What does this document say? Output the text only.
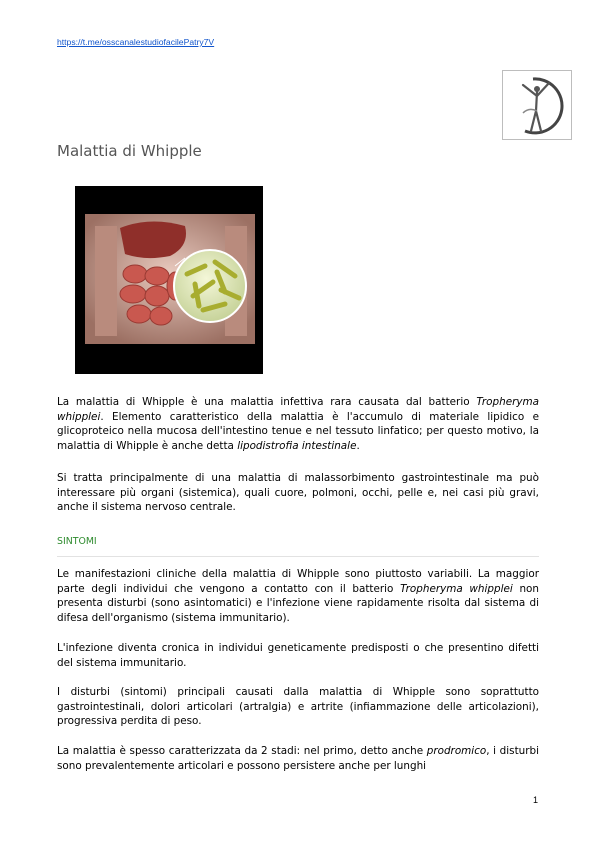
https://t.me/osscanalestudiofacilePatry7V
Malattia di Whipple

La malattia di Whipple è una malattia infettiva rara causata dal batterio Tropheryma whipplei. Elemento caratteristico della malattia è l'accumulo di materiale lipidico e glicoproteico nella mucosa dell'intestino tenue e nel tessuto linfatico; per questo motivo, la malattia di Whipple è anche detta lipodistrofia intestinale.

Si tratta principalmente di una malattia di malassorbimento gastrointestinale ma può interessare più organi (sistemica), quali cuore, polmoni, occhi, pelle e, nei casi più gravi, anche il sistema nervoso centrale.

SINTOMI

Le manifestazioni cliniche della malattia di Whipple sono piuttosto variabili. La maggior parte degli individui che vengono a contatto con il batterio Tropheryma whipplei non presenta disturbi (sono asintomatici) e l'infezione viene rapidamente risolta dal sistema di difesa dell'organismo (sistema immunitario).

L'infezione diventa cronica in individui geneticamente predisposti o che presentino difetti del sistema immunitario.

I disturbi (sintomi) principali causati dalla malattia di Whipple sono soprattutto gastrointestinali, dolori articolari (artralgia) e artrite (infiammazione delle articolazioni), progressiva perdita di peso.

La malattia è spesso caratterizzata da 2 stadi: nel primo, detto anche prodromico, i disturbi sono prevalentemente articolari e possono persistere anche per lunghi

1
